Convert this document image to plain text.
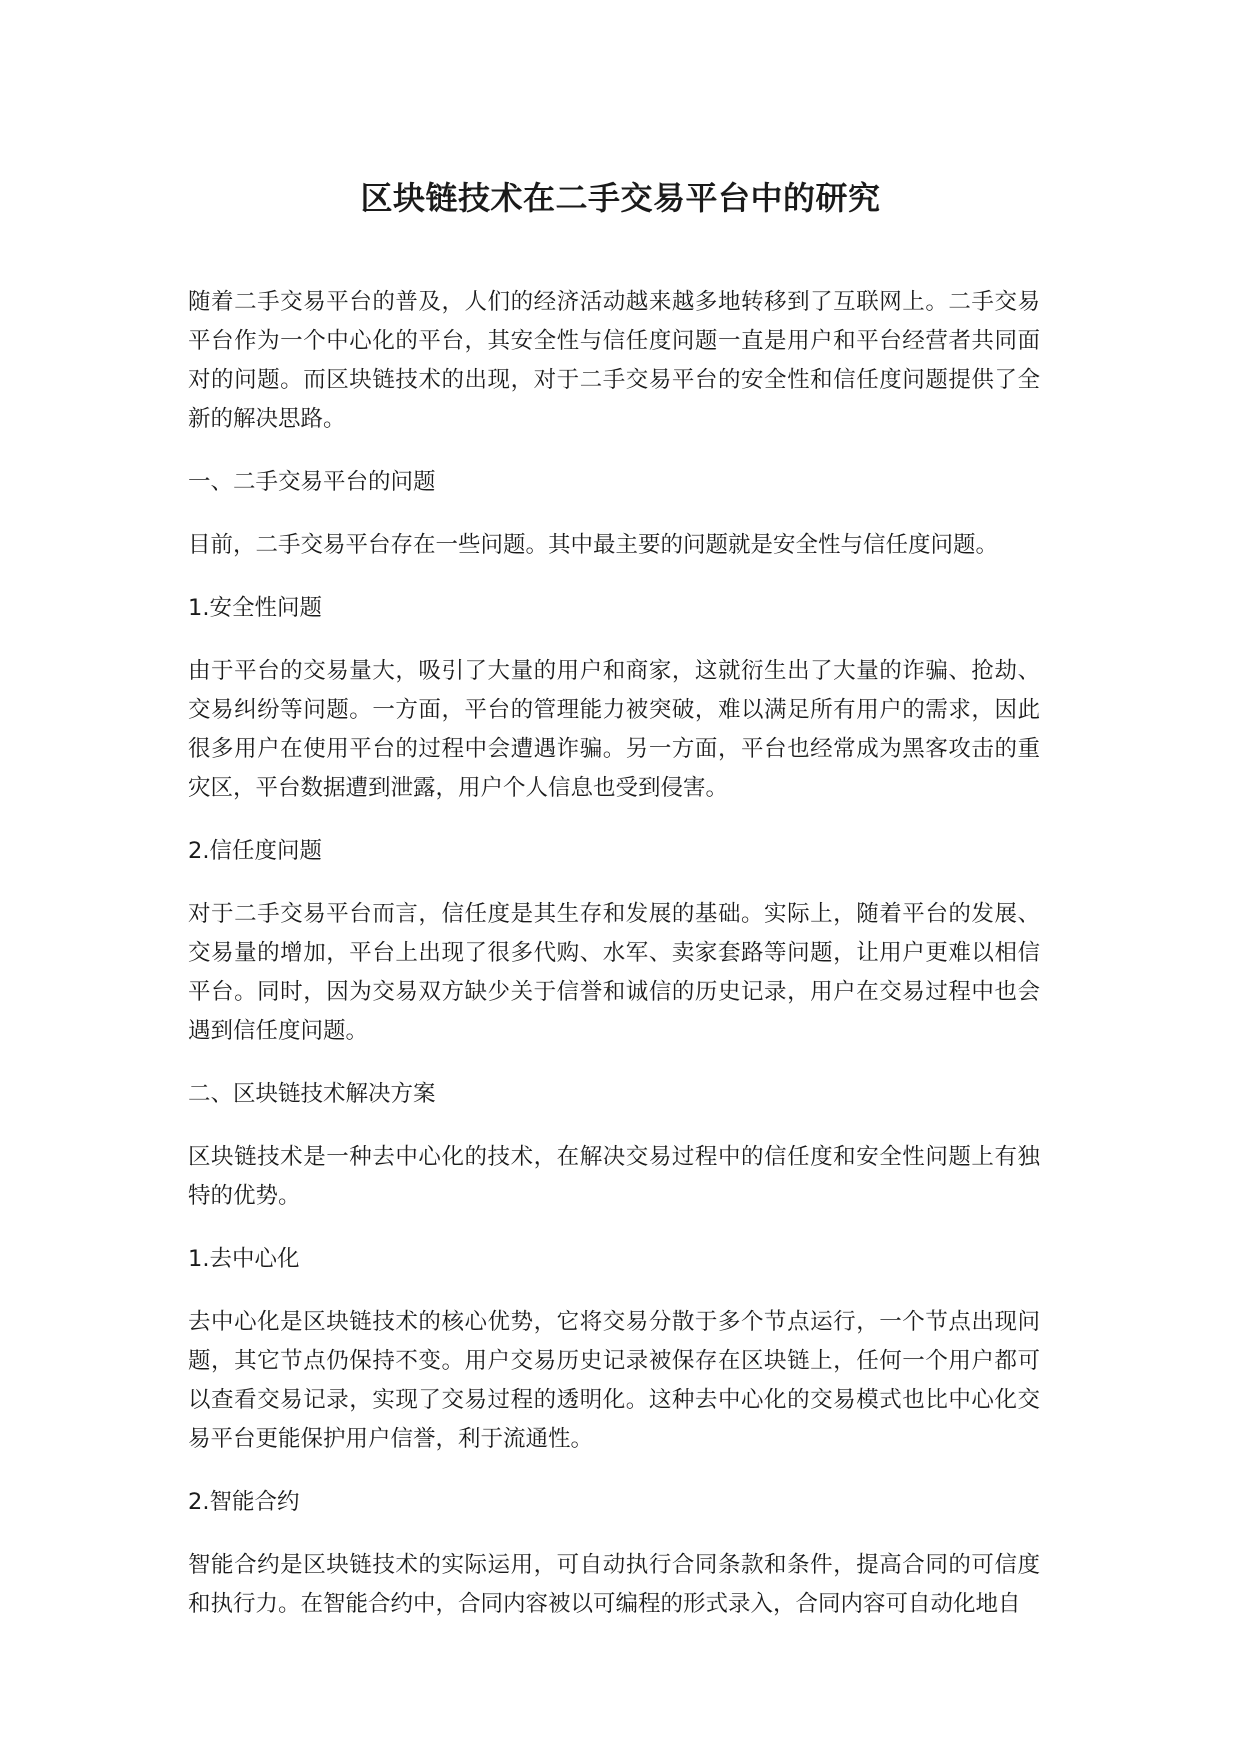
区块链技术在二手交易平台中的研究

随着二手交易平台的普及，人们的经济活动越来越多地转移到了互联网上。二手交易平台作为一个中心化的平台，其安全性与信任度问题一直是用户和平台经营者共同面对的问题。而区块链技术的出现，对于二手交易平台的安全性和信任度问题提供了全新的解决思路。

一、二手交易平台的问题

目前，二手交易平台存在一些问题。其中最主要的问题就是安全性与信任度问题。

1.安全性问题

由于平台的交易量大，吸引了大量的用户和商家，这就衍生出了大量的诈骗、抢劫、交易纠纷等问题。一方面，平台的管理能力被突破，难以满足所有用户的需求，因此很多用户在使用平台的过程中会遭遇诈骗。另一方面，平台也经常成为黑客攻击的重灾区，平台数据遭到泄露，用户个人信息也受到侵害。

2.信任度问题

对于二手交易平台而言，信任度是其生存和发展的基础。实际上，随着平台的发展、交易量的增加，平台上出现了很多代购、水军、卖家套路等问题，让用户更难以相信平台。同时，因为交易双方缺少关于信誉和诚信的历史记录，用户在交易过程中也会遇到信任度问题。

二、区块链技术解决方案

区块链技术是一种去中心化的技术，在解决交易过程中的信任度和安全性问题上有独特的优势。

1.去中心化

去中心化是区块链技术的核心优势，它将交易分散于多个节点运行，一个节点出现问题，其它节点仍保持不变。用户交易历史记录被保存在区块链上，任何一个用户都可以查看交易记录，实现了交易过程的透明化。这种去中心化的交易模式也比中心化交易平台更能保护用户信誉，利于流通性。

2.智能合约

智能合约是区块链技术的实际运用，可自动执行合同条款和条件，提高合同的可信度和执行力。在智能合约中，合同内容被以可编程的形式录入，合同内容可自动化地自
